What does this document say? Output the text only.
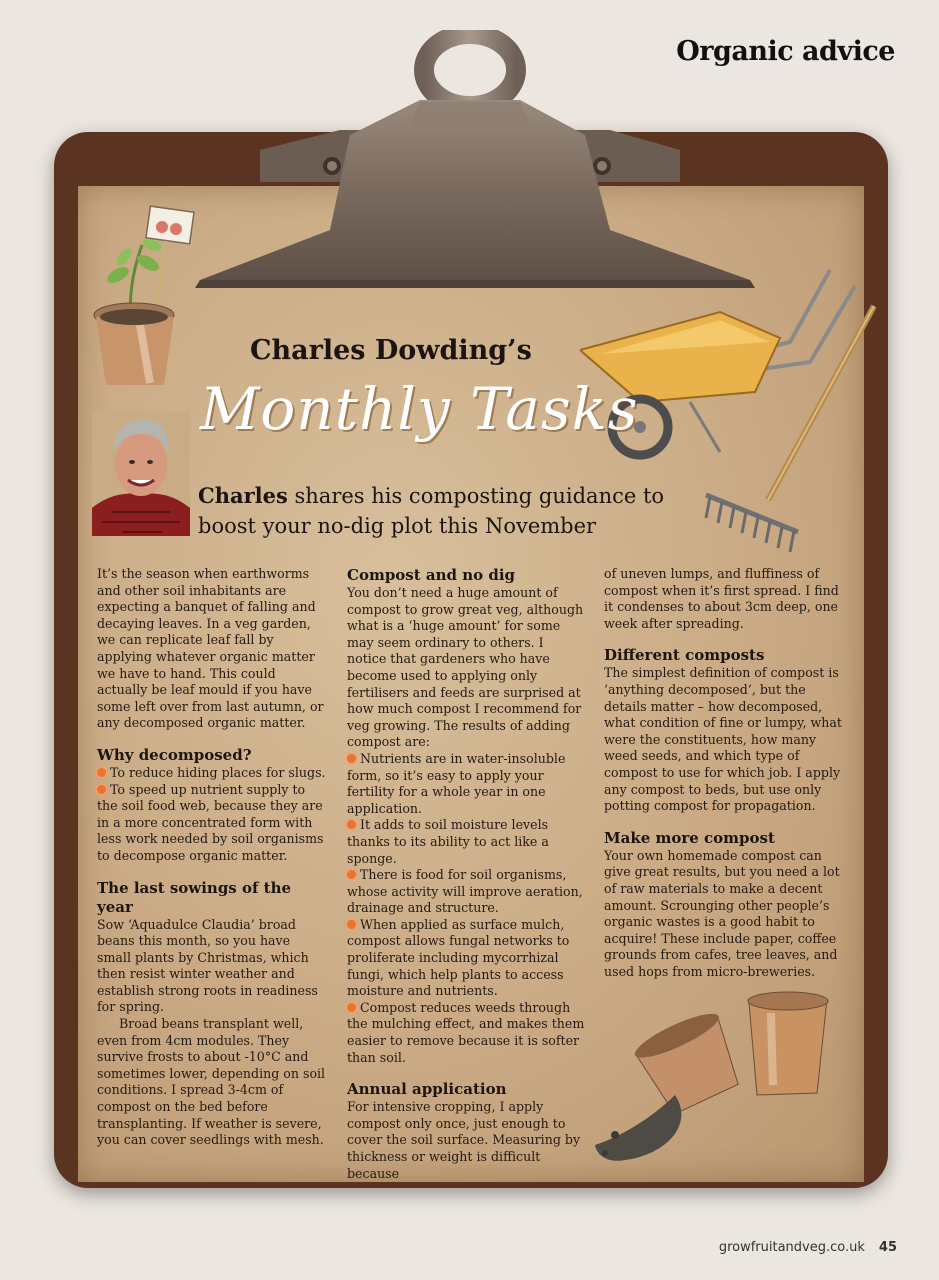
Organic advice
Charles Dowding’s
Monthly Tasks
Charles shares his composting guidance to boost your no-dig plot this November

It’s the season when earthworms and other soil inhabitants are expecting a banquet of falling and decaying leaves. In a veg garden, we can replicate leaf fall by applying whatever organic matter we have to hand. This could actually be leaf mould if you have some left over from last autumn, or any decomposed organic matter.

Why decomposed?

To reduce hiding places for slugs.

To speed up nutrient supply to the soil food web, because they are in a more concentrated form with less work needed by soil organisms to decompose organic matter.

The last sowings of the year

Sow ‘Aquadulce Claudia’ broad beans this month, so you have small plants by Christmas, which then resist winter weather and establish strong roots in readiness for spring.

Broad beans transplant well, even from 4cm modules. They survive frosts to about -10°C and sometimes lower, depending on soil conditions. I spread 3-4cm of compost on the bed before transplanting. If weather is severe, you can cover seedlings with mesh.

Compost and no dig

You don’t need a huge amount of compost to grow great veg, although what is a ‘huge amount’ for some may seem ordinary to others. I notice that gardeners who have become used to applying only fertilisers and feeds are surprised at how much compost I recommend for veg growing. The results of adding compost are:

Nutrients are in water-insoluble form, so it’s easy to apply your fertility for a whole year in one application.

It adds to soil moisture levels thanks to its ability to act like a sponge.

There is food for soil organisms, whose activity will improve aeration, drainage and structure.

When applied as surface mulch, compost allows fungal networks to proliferate including mycorrhizal fungi, which help plants to access moisture and nutrients.

Compost reduces weeds through the mulching effect, and makes them easier to remove because it is softer than soil.

Annual application

For intensive cropping, I apply compost only once, just enough to cover the soil surface. Measuring by thickness or weight is difficult because

of uneven lumps, and fluffiness of compost when it’s first spread. I find it condenses to about 3cm deep, one week after spreading.

Different composts

The simplest definition of compost is ‘anything decomposed’, but the details matter – how decomposed, what condition of fine or lumpy, what were the constituents, how many weed seeds, and which type of compost to use for which job. I apply any compost to beds, but use only potting compost for propagation.

Make more compost

Your own homemade compost can give great results, but you need a lot of raw materials to make a decent amount. Scrounging other people’s organic wastes is a good habit to acquire! These include paper, coffee grounds from cafes, tree leaves, and used hops from micro-breweries.

growfruitandveg.co.uk 45
